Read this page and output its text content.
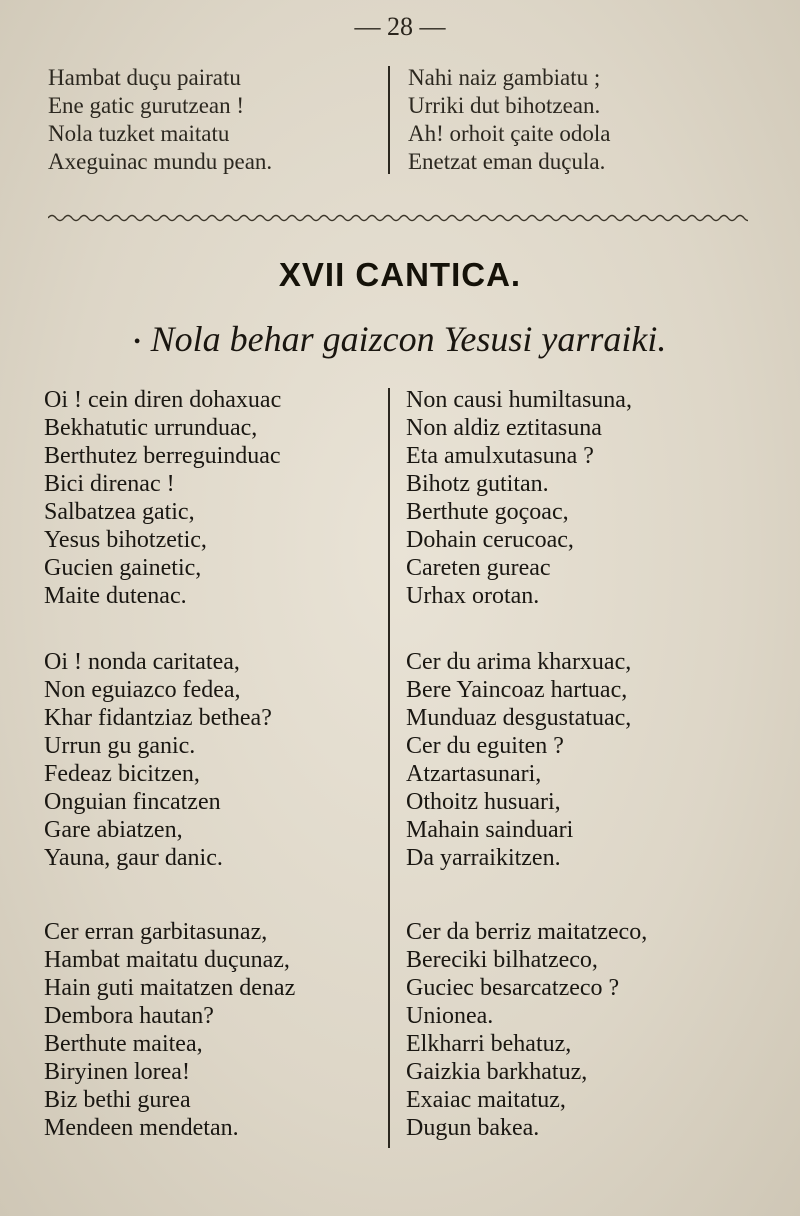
— 28 —
Hambat duçu pairatu
Ene gatic gurutzean !
Nola tuzket maitatu
Axeguinac mundu pean.
Nahi naiz gambiatu ;
Urriki dut bihotzean.
Ah! orhoit çaite odola
Enetzat eman duçula.
XVII CANTICA.
• Nola behar gaizcon Yesusi yarraiki.
Oi ! cein diren dohaxuac
Bekhatutic urrunduac,
Berthutez berreguinduac
Bici direnac !
Salbatzea gatic,
Yesus bihotzetic,
Gucien gainetic,
Maite dutenac.
Non causi humiltasuna,
Non aldiz eztitasuna
Eta amulxutasuna ?
Bihotz gutitan.
Berthute goçoac,
Dohain cerucoac,
Careten gureac
Urhax orotan.
Oi ! nonda caritatea,
Non eguiazco fedea,
Khar fidantziaz bethea?
Urrun gu ganic.
Fedeaz bicitzen,
Onguian fincatzen
Gare abiatzen,
Yauna, gaur danic.
Cer du arima kharxuac,
Bere Yaincoaz hartuac,
Munduaz desgustatuac,
Cer du eguiten ?
Atzartasunari,
Othoitz husuari,
Mahain sainduari
Da yarraikitzen.
Cer erran garbitasunaz,
Hambat maitatu duçunaz,
Hain guti maitatzen denaz
Dembora hautan?
Berthute maitea,
Biryinen lorea!
Biz bethi gurea
Mendeen mendetan.
Cer da berriz maitatzeco,
Bereciki bilhatzeco,
Guciec besarcatzeco ?
Unionea.
Elkharri behatuz,
Gaizkia barkhatuz,
Exaiac maitatuz,
Dugun bakea.
